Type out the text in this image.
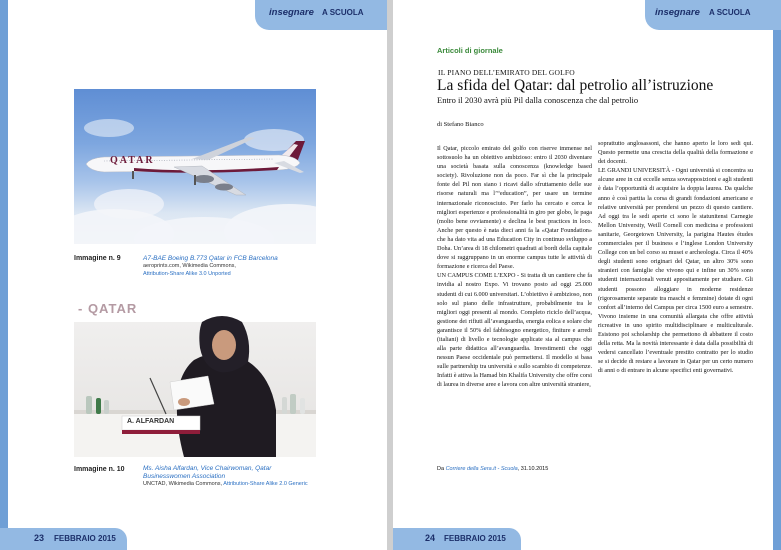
insegnare A SCUOLA
QATAR
Immagine n. 9	A7-BAE Boeing B.773 Qatar in FCB Barcelona
aeroprints.com, Wikimedia Commons,
Attribution-Share Alike 3.0 Unported
- QATAR
A. ALFARDAN
Immagine n. 10	Ms. Aisha Alfardan, Vice Chairwoman, Qatar Businesswomen Association
UNCTAD, Wikimedia Commons, Attribution-Share Alike 2.0 Generic
23 FEBBRAIO 2015
insegnare A SCUOLA
Articoli di giornale
IL PIANO DELL’EMIRATO DEL GOLFO
La sfida del Qatar: dal petrolio all’istruzione
Entro il 2030 avrà più Pil dalla conoscenza che dal petrolio
di Stefano Bianco

Il Qatar, piccolo emirato del golfo con riserve immense nel sottosuolo ha un obiettivo ambizioso: entro il 2030 diventare una società basata sulla conoscenza (knowledge based society). Rivoluzione non da poco. Far sì che la principale fonte del Pil non siano i ricavi dallo sfruttamento delle sue risorse naturali ma l’“education”, per usare un termine internazionale riconosciuto. Per farlo ha cercato e cerca le migliori esperienze e professionalità in giro per globo, le paga (molto bene ovviamente) e declina le best practices in loco. Anche per questo è nata dieci anni fa la «Qatar Foundation» che ha dato vita ad una Education City in continuo sviluppo a Doha. Un’area di 18 chilometri quadrati ai bordi della capitale dove si raggruppano in un enorme campus tutte le attività di formazione e ricerca del Paese.

UN CAMPUS COME L’EXPO - Si tratta di un cantiere che fa invidia al nostro Expo. Vi trovano posto ad oggi 25.000 studenti di cui 6.000 universitari. L’obiettivo è ambizioso, non solo sul piano delle infrastrutture, probabilmente tra le migliori oggi presenti al mondo. Completo riciclo dell’acqua, gestione dei rifiuti all’avanguardia, energia eolica e solare che garantisce il 50% del fabbisogno energetico, finiture e arredi (italiani) di livello e tecnologie applicate sia al campus che alla parte didattica all’avanguardia. Investimenti che oggi nessun Paese occidentale può permettersi. Il modello si basa sulle partnership tra università e sullo scambio di competenze. Infatti è attiva la Hamad bin Khalifa University che offre corsi di laurea in diverse aree e lavora con altre università straniere,

soprattutto anglosassoni, che hanno aperto le loro sedi qui. Questo permette una crescita della qualità della formazione e dei docenti.

LE GRANDI UNIVERSITÀ - Ogni università si concentra su alcune aree in cui eccelle senza sovrapposizioni e agli studenti è data l’opportunità di acquisire la doppia laurea. Da qualche anno è così partita la corsa di grandi fondazioni americane e relative università per prendersi un pezzo di questo cantiere. Ad oggi tra le sedi aperte ci sono le statunitensi Carnegie Mellon University, Weill Cornell con medicina e professioni sanitarie, Georgetown University, la parigina Hautes études commerciales per il business e l’inglese London University College con un bel corso su musei e archeologia. Circa il 40% degli studenti sono originari del Qatar, un altro 30% sono stranieri con famiglie che vivono qui e infine un 30% sono studenti internazionali venuti appositamente per studiare. Gli studenti possono alloggiare in moderne residenze (rigorosamente separate tra maschi e femmine) dotate di ogni confort all’interno del Campus per circa 1500 euro a semestre. Vivono insieme in una comunità allargata che offre attività ricreative in uno spirito multidisciplinare e multiculturale. Esistono poi scholarship che permettono di abbattere il costo della retta. Ma la novità interessante è data dalla possibilità di vedersi cancellato l’eventuale prestito contratto per lo studio se si decide di restare a lavorare in Qatar per un certo numero di anni o di entrare in alcune specifici enti governativi.

Da Corriere della Sera.it - Scuola, 31.10.2015
24 FEBBRAIO 2015
